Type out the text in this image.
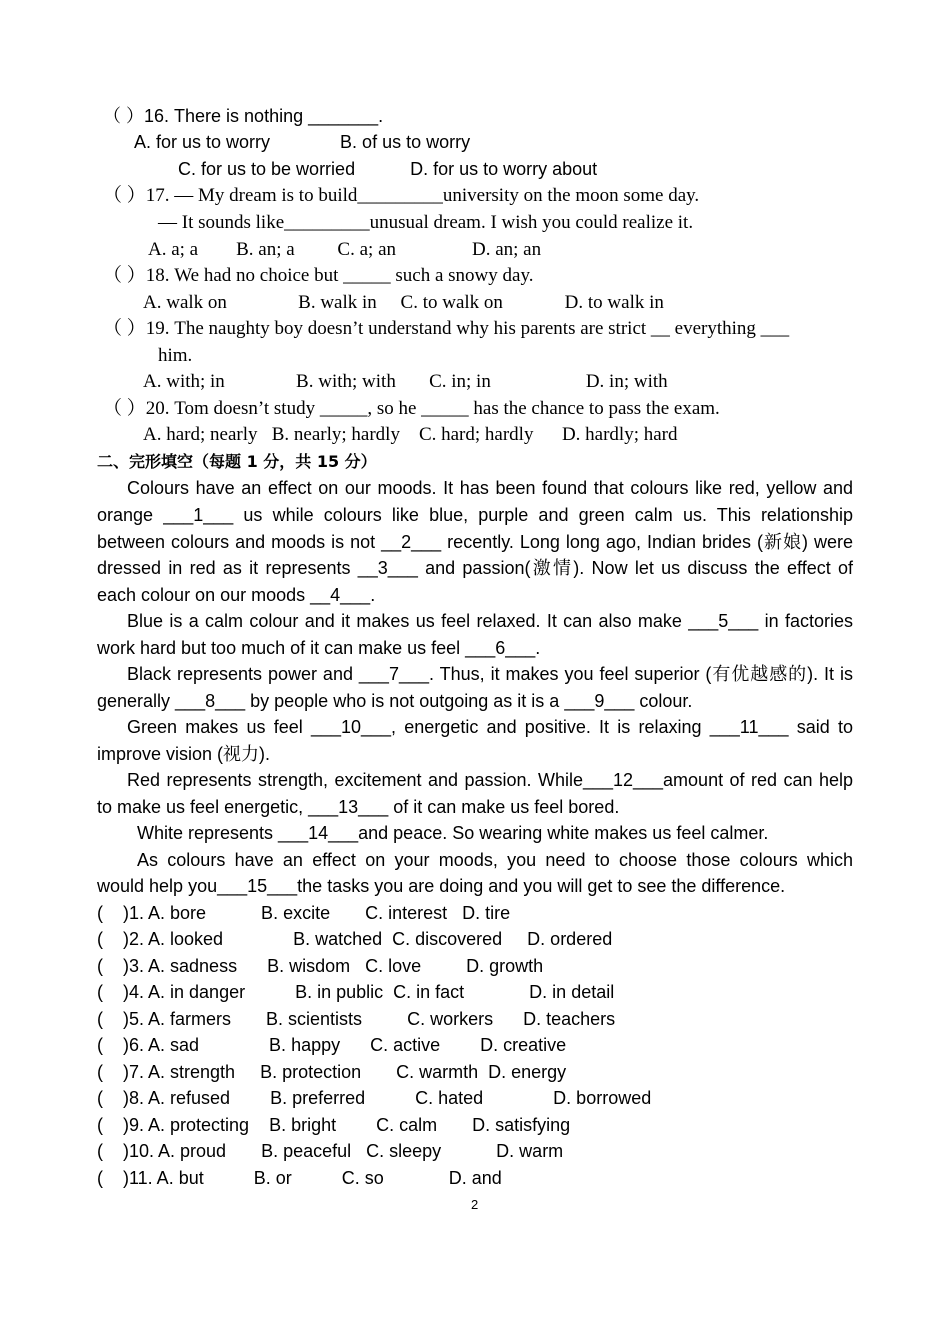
（ ）16. There is nothing _______.
A. for us to worry              B. of us to worry
C. for us to be worried           D. for us to worry about
（ ）17. — My dream is to build_________university on the moon some day.
— It sounds like_________unusual dream. I wish you could realize it.
A. a; a        B. an; a         C. a; an                D. an; an
（ ）18. We had no choice but _____ such a snowy day.
A. walk on               B. walk in     C. to walk on             D. to walk in
（ ）19. The naughty boy doesn’t understand why his parents are strict __ everything ___
him.
A. with; in               B. with; with       C. in; in                    D. in; with
（ ）20. Tom doesn’t study _____, so he _____ has the chance to pass the exam.
A. hard; nearly   B. nearly; hardly    C. hard; hardly      D. hardly; hard
二、完形填空（每题 1 分，共 15 分）
Colours have an effect on our moods. It has been found that colours like red, yellow and
orange ___1___ us while colours like blue, purple and green calm us. This relationship
between colours and moods is not __2___ recently. Long long ago, Indian brides (新娘) were
dressed in red as it represents __3___ and passion(激情). Now let us discuss the effect of
each colour on our moods __4___.
Blue is a calm colour and it makes us feel relaxed. It can also make ___5___ in factories
work hard but too much of it can make us feel ___6___.
Black represents power and ___7___. Thus, it makes you feel superior (有优越感的). It is
generally ___8___ by people who is not outgoing as it is a ___9___ colour.
Green makes us feel ___10___, energetic and positive. It is relaxing ___11___ said to
improve vision (视力).
Red represents strength, excitement and passion. While___12___amount of red can help
to make us feel energetic, ___13___ of it can make us feel bored.
White represents ___14___and peace. So wearing white makes us feel calmer.
As colours have an effect on your moods, you need to choose those colours which
would help you___15___the tasks you are doing and you will get to see the difference.
(    )1. A. bore           B. excite       C. interest   D. tire
(    )2. A. looked              B. watched  C. discovered     D. ordered
(    )3. A. sadness      B. wisdom   C. love         D. growth
(    )4. A. in danger          B. in public  C. in fact             D. in detail
(    )5. A. farmers       B. scientists         C. workers      D. teachers
(    )6. A. sad              B. happy      C. active        D. creative
(    )7. A. strength     B. protection       C. warmth  D. energy
(    )8. A. refused        B. preferred          C. hated              D. borrowed
(    )9. A. protecting    B. bright        C. calm       D. satisfying
(    )10. A. proud       B. peaceful   C. sleepy           D. warm
(    )11. A. but          B. or          C. so             D. and
2
